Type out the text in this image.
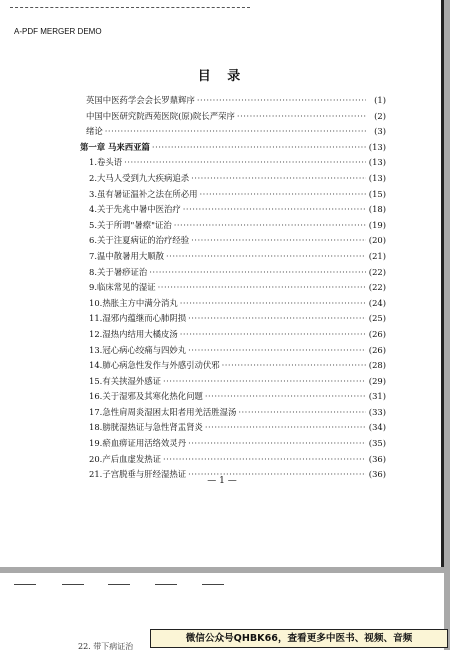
A-PDF MERGER DEMO
目 录
英国中医药学会会长罗鼎辉序 ·····	(1)
中国中医研究院西苑医院(原)院长严荣序 ·····	(2)
绪论 ·····	(3)
第一章 马来西亚篇 ·····	(13)
1.卷头语 ·····	(13)
2.大马人受到九大疾病追杀 ·····	(13)
3.虽有暑证温补之法在所必用 ·····	(15)
4.关于先兆中暑中医治疗 ·····	(18)
5.关于所谓"暑瘵"证治 ·····	(19)
6.关于注夏病证的治疗经验 ·····	(20)
7.温中散暑用大顺散 ·····	(21)
8.关于暑痧证治 ·····	(22)
9.临床常见的湿证 ·····	(22)
10.热胀主方中满分消丸 ·····	(24)
11.湿邪内蕴继而心肺阴损 ·····	(25)
12.湿热内结用大橘皮汤 ·····	(26)
13.冠心病心绞痛与四妙丸 ·····	(26)
14.肺心病急性发作与外感引动伏邪 ·····	(28)
15.有关挟湿外感证 ·····	(29)
16.关于湿邪及其寒化热化问题 ·····	(31)
17.急性肩周炎湿困太阳者用羌活胜湿汤 ·····	(33)
18.膀胱湿热证与急性肾盂肾炎 ·····	(34)
19.瘀血痹证用活络效灵丹 ·····	(35)
20.产后血虚发热证 ·····	(36)
21.子宫脱垂与肝经湿热证 ·····	(36)
— 1 —
22. 带下病证治
微信公众号QHBK66，查看更多中医书、视频、音频
